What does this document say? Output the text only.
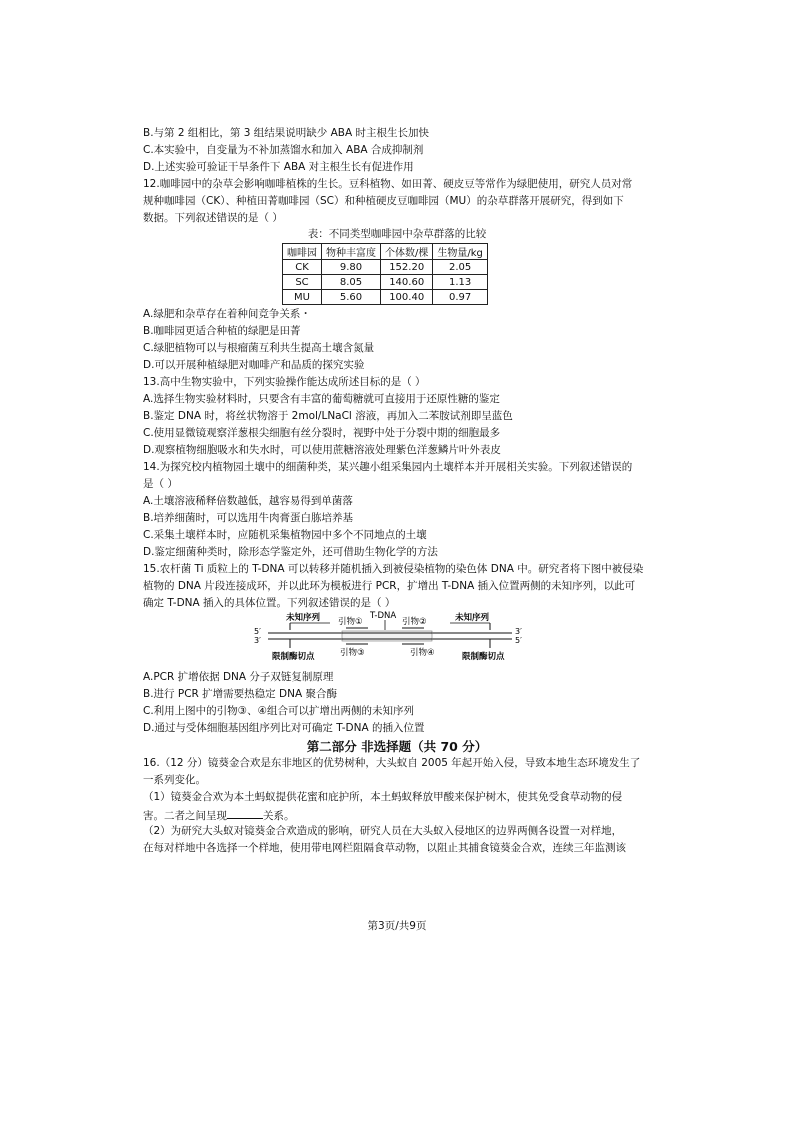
B.与第 2 组相比，第 3 组结果说明缺少 ABA 时主根生长加快
C.本实验中，自变量为不补加蒸馏水和加入 ABA 合成抑制剂
D.上述实验可验证干旱条件下 ABA 对主根生长有促进作用
12.咖啡园中的杂草会影响咖啡植株的生长。豆科植物、如田菁、硬皮豆等常作为绿肥使用，研究人员对常
规种咖啡园（CK）、种植田菁咖啡园（SC）和种植硬皮豆咖啡园（MU）的杂草群落开展研究，得到如下
数据。下列叙述错误的是（ ）
表：不同类型咖啡园中杂草群落的比较
咖啡园	物种丰富度	个体数/棵	生物量/kg
CK	9.80	152.20	2.05
SC	8.05	140.60	1.13
MU	5.60	100.40	0.97
A.绿肥和杂草存在着种间竞争关系・
B.咖啡园更适合种植的绿肥是田菁
C.绿肥植物可以与根瘤菌互利共生提高土壤含氮量
D.可以开展种植绿肥对咖啡产和品质的探究实验
13.高中生物实验中，下列实验操作能达成所述目标的是（ ）
A.选择生物实验材料时，只要含有丰富的葡萄糖就可直接用于还原性糖的鉴定
B.鉴定 DNA 时，将丝状物溶于 2mol/LNaCl 溶液，再加入二苯胺试剂即呈蓝色
C.使用显微镜观察洋葱根尖细胞有丝分裂时，视野中处于分裂中期的细胞最多
D.观察植物细胞吸水和失水时，可以使用蔗糖溶液处理紫色洋葱鳞片叶外表皮
14.为探究校内植物园土壤中的细菌种类，某兴趣小组采集园内土壤样本并开展相关实验。下列叙述错误的
是（ ）
A.土壤溶液稀释倍数越低，越容易得到单菌落
B.培养细菌时，可以选用牛肉膏蛋白胨培养基
C.采集土壤样本时，应随机采集植物园中多个不同地点的土壤
D.鉴定细菌种类时，除形态学鉴定外，还可借助生物化学的方法
15.农杆菌 Ti 质粒上的 T-DNA 可以转移并随机插入到被侵染植物的染色体 DNA 中。研究者将下图中被侵染
植物的 DNA 片段连接成环，并以此环为模板进行 PCR，扩增出 T-DNA 插入位置两侧的未知序列，以此可
确定 T-DNA 插入的具体位置。下列叙述错误的是（ ）
5′
3′
3′
5′
未知序列	未知序列
T-DNA
引物①	引物②
引物③	引物④
限制酶切点	限制酶切点
A.PCR 扩增依据 DNA 分子双链复制原理
B.进行 PCR 扩增需要热稳定 DNA 聚合酶
C.利用上图中的引物③、④组合可以扩增出两侧的未知序列
D.通过与受体细胞基因组序列比对可确定 T-DNA 的插入位置
第二部分 非选择题（共 70 分）
16.（12 分）镜葵金合欢是东非地区的优势树种，大头蚁自 2005 年起开始入侵，导致本地生态环境发生了
一系列变化。
（1）镜葵金合欢为本土蚂蚁提供花蜜和庇护所，本土蚂蚁释放甲酸来保护树木，使其免受食草动物的侵
害。二者之间呈现	关系。
（2）为研究大头蚁对镜葵金合欢造成的影响，研究人员在大头蚁入侵地区的边界两侧各设置一对样地，
在每对样地中各选择一个样地，使用带电网栏阻隔食草动物，以阻止其捕食镜葵金合欢，连续三年监测该
第3页/共9页
